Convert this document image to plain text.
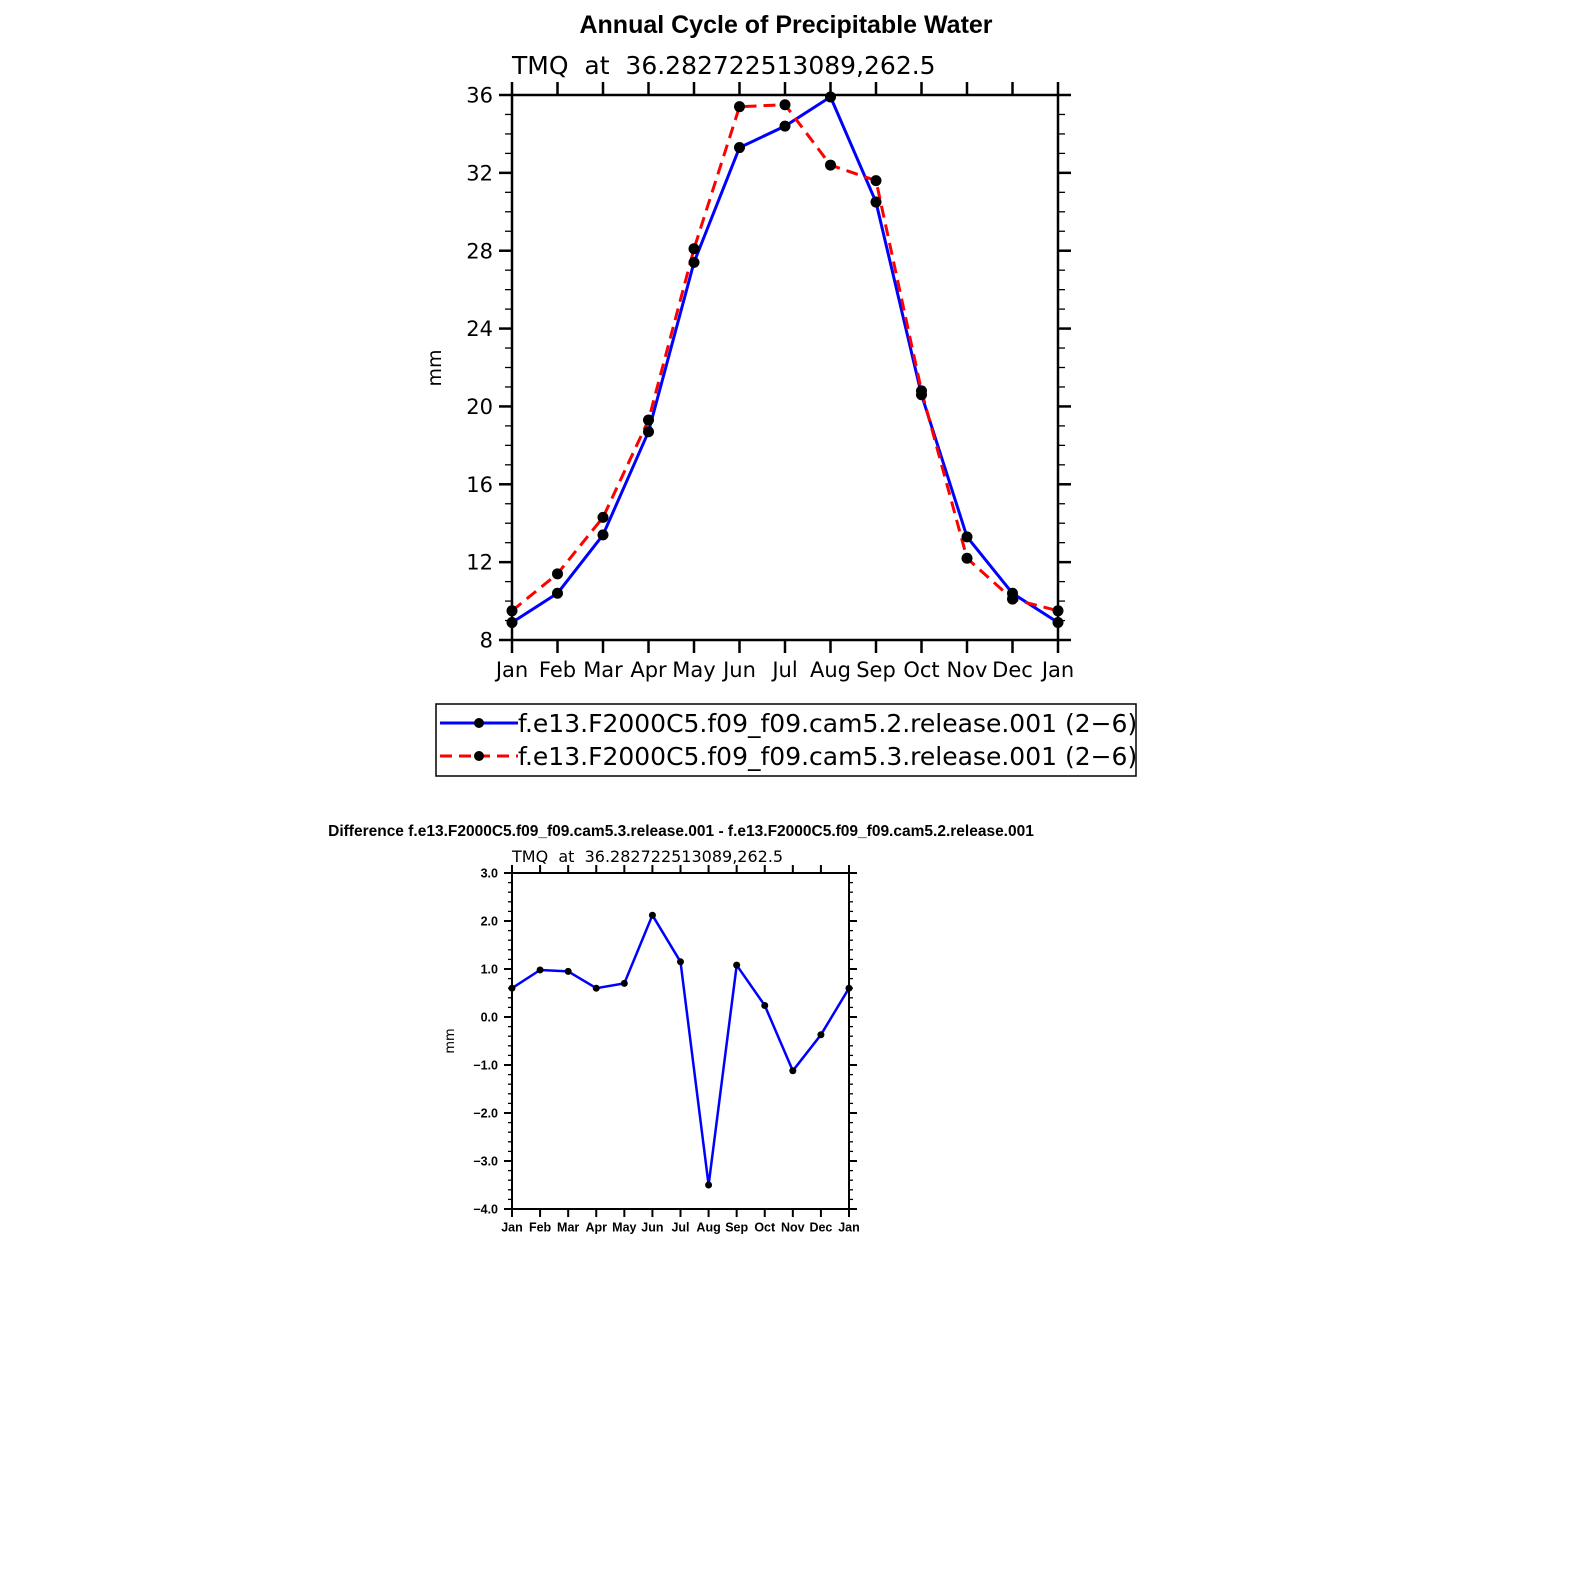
Annual Cycle of Precipitable Water
TMQ  at  36.282722513089,262.5
mm
8
12
16
20
24
28
32
36
Jan Feb Mar Apr May Jun Jul Aug Sep Oct Nov Dec Jan
f.e13.F2000C5.f09_f09.cam5.2.release.001 (2−6)
f.e13.F2000C5.f09_f09.cam5.3.release.001 (2−6)
Difference f.e13.F2000C5.f09_f09.cam5.3.release.001 - f.e13.F2000C5.f09_f09.cam5.2.release.001
TMQ  at  36.282722513089,262.5
mm
−4.0
−3.0
−2.0
−1.0
0.0
1.0
2.0
3.0
Jan Feb Mar Apr May Jun Jul Aug Sep Oct Nov Dec Jan
